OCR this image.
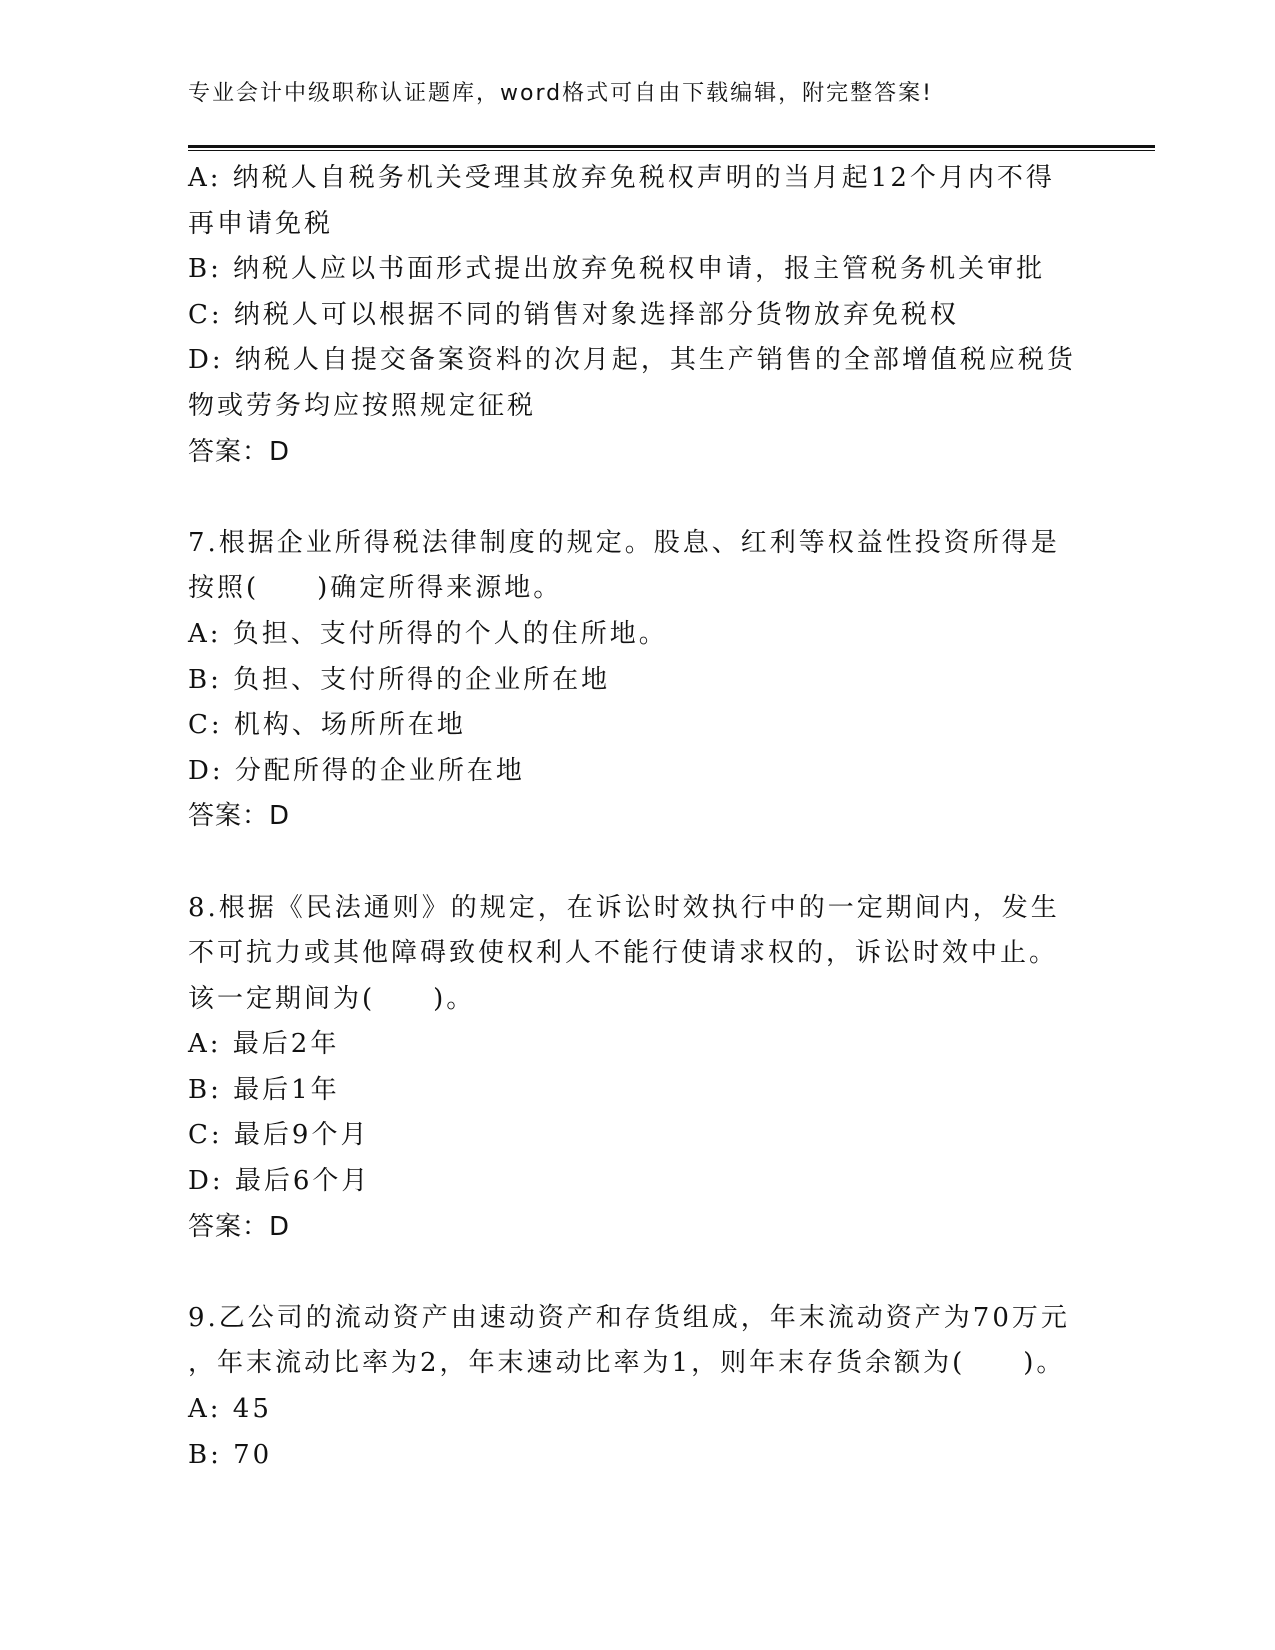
专业会计中级职称认证题库，word格式可自由下载编辑，附完整答案!
A: 纳税人自税务机关受理其放弃免税权声明的当月起12个月内不得
再申请免税
B: 纳税人应以书面形式提出放弃免税权申请，报主管税务机关审批
C: 纳税人可以根据不同的销售对象选择部分货物放弃免税权
D: 纳税人自提交备案资料的次月起，其生产销售的全部增值税应税货
物或劳务均应按照规定征税
答案：D
7.根据企业所得税法律制度的规定。股息、红利等权益性投资所得是
按照(　　)确定所得来源地。
A: 负担、支付所得的个人的住所地。
B: 负担、支付所得的企业所在地
C: 机构、场所所在地
D: 分配所得的企业所在地
答案：D
8.根据《民法通则》的规定，在诉讼时效执行中的一定期间内，发生
不可抗力或其他障碍致使权利人不能行使请求权的，诉讼时效中止。
该一定期间为(　　)。
A: 最后2年
B: 最后1年
C: 最后9个月
D: 最后6个月
答案：D
9.乙公司的流动资产由速动资产和存货组成，年末流动资产为70万元
，年末流动比率为2，年末速动比率为1，则年末存货余额为(　　)。
A: 45
B: 70
